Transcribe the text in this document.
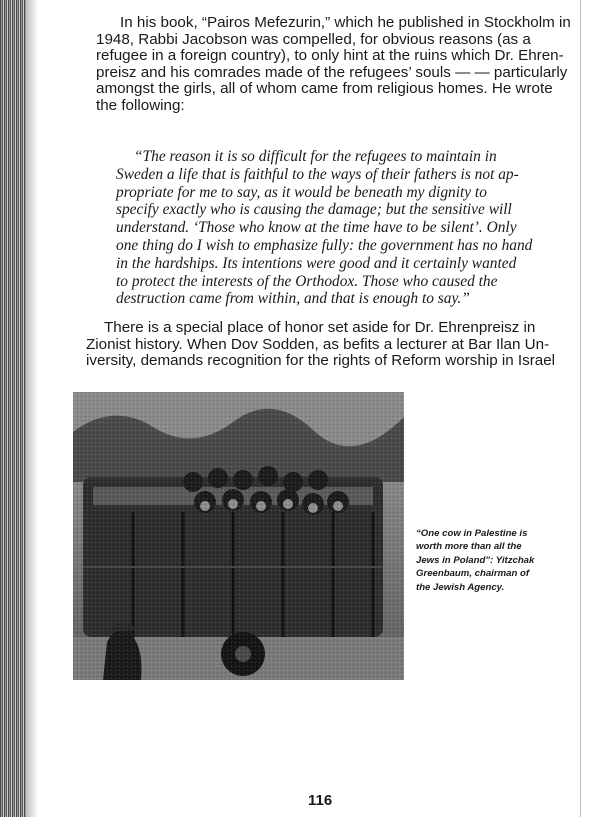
In his book, “Pairos Mefezurin,” which he published in Stockholm in
1948, Rabbi Jacobson was compelled, for obvious reasons (as a
refugee in a foreign country), to only hint at the ruins which Dr. Ehren-
preisz and his comrades made of the refugees’ souls — — particularly
amongst the girls, all of whom came from religious homes. He wrote
the following:
“The reason it is so difficult for the refugees to maintain in
Sweden a life that is faithful to the ways of their fathers is not ap-
propriate for me to say, as it would be beneath my dignity to
specify exactly who is causing the damage; but the sensitive will
understand. ‘Those who know at the time have to be silent’. Only
one thing do I wish to emphasize fully: the government has no hand
in the hardships. Its intentions were good and it certainly wanted
to protect the interests of the Orthodox. Those who caused the
destruction came from within, and that is enough to say.”
There is a special place of honor set aside for Dr. Ehrenpreisz in
Zionist history. When Dov Sodden, as befits a lecturer at Bar Ilan Un-
iversity, demands recognition for the rights of Reform worship in Israel
“One cow in Palestine is
worth more than all the
Jews in Poland”: Yitzchak
Greenbaum, chairman of
the Jewish Agency.
116
